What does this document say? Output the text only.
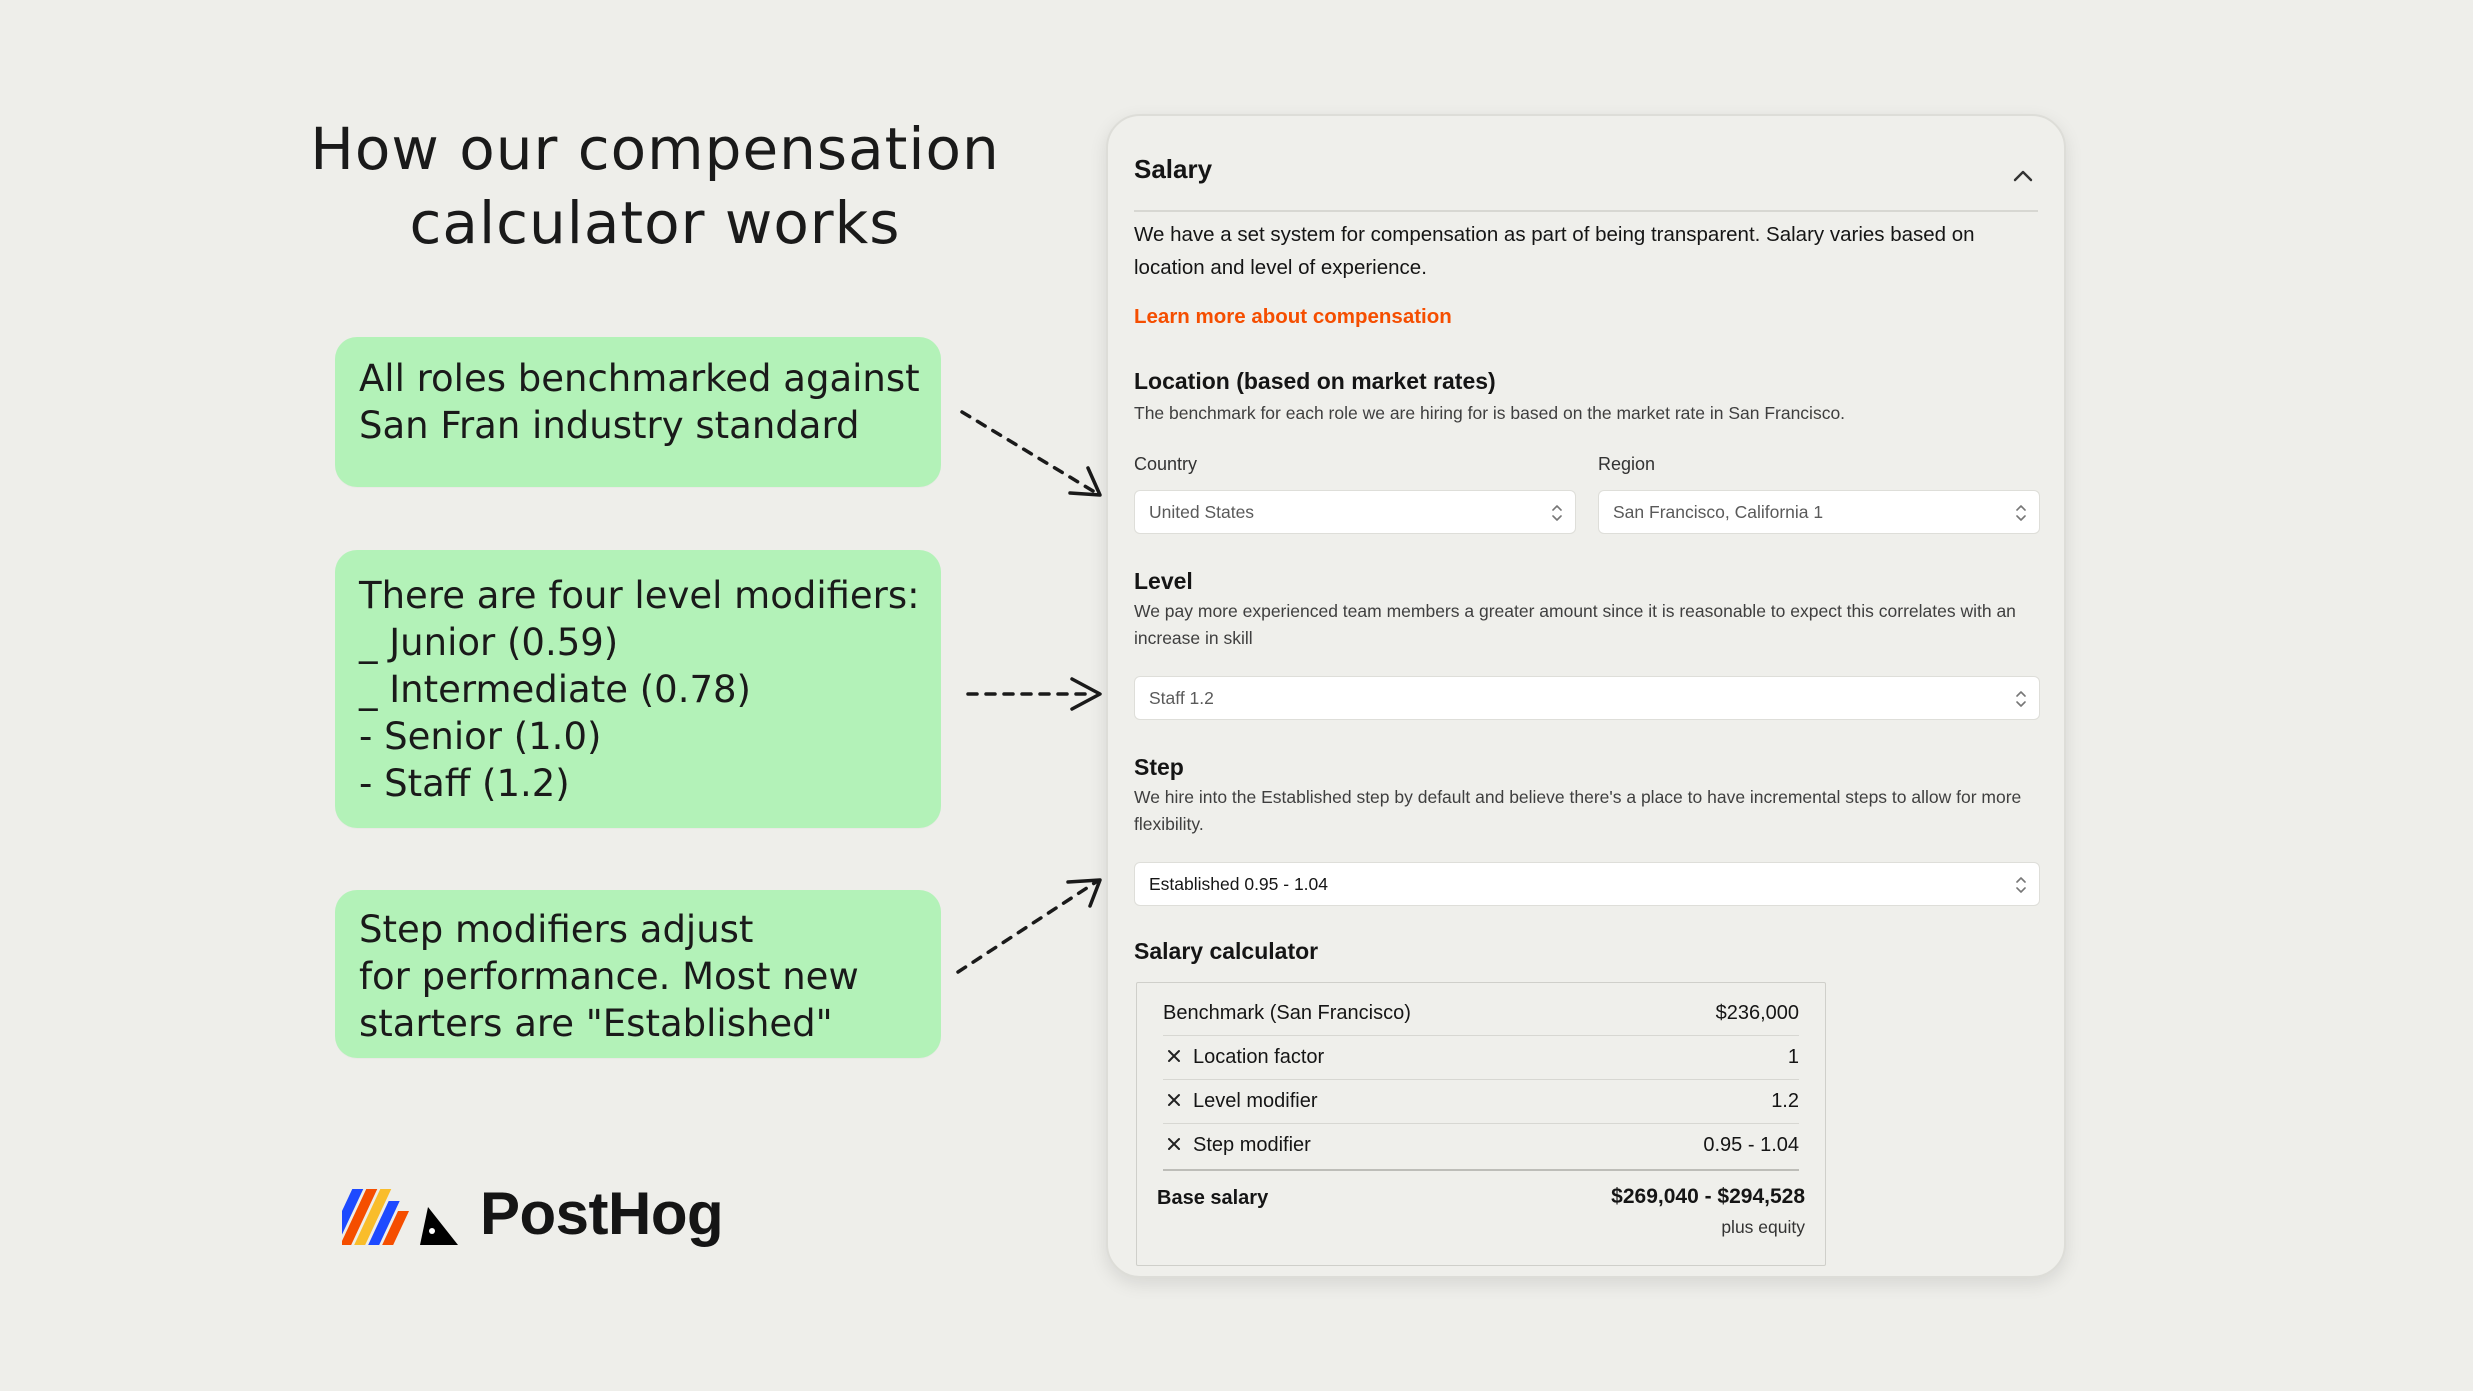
How our compensation
calculator works
All roles benchmarked against
San Fran industry standard
There are four level modifiers:
_ Junior (0.59)
_ Intermediate (0.78)
- Senior (1.0)
- Staff (1.2)
Step modifiers adjust
for performance. Most new
starters are "Established"
PostHog
Salary
We have a set system for compensation as part of being transparent. Salary varies based on location and level of experience.
Learn more about compensation
Location (based on market rates)
The benchmark for each role we are hiring for is based on the market rate in San Francisco.
Country	Region
United States	San Francisco, California 1
Level
We pay more experienced team members a greater amount since it is reasonable to expect this correlates with an increase in skill
Staff 1.2
Step
We hire into the Established step by default and believe there's a place to have incremental steps to allow for more flexibility.
Established 0.95 - 1.04
Salary calculator
Benchmark (San Francisco)	$236,000
Location factor	1
Level modifier	1.2
Step modifier	0.95 - 1.04
Base salary	$269,040 - $294,528
plus equity
